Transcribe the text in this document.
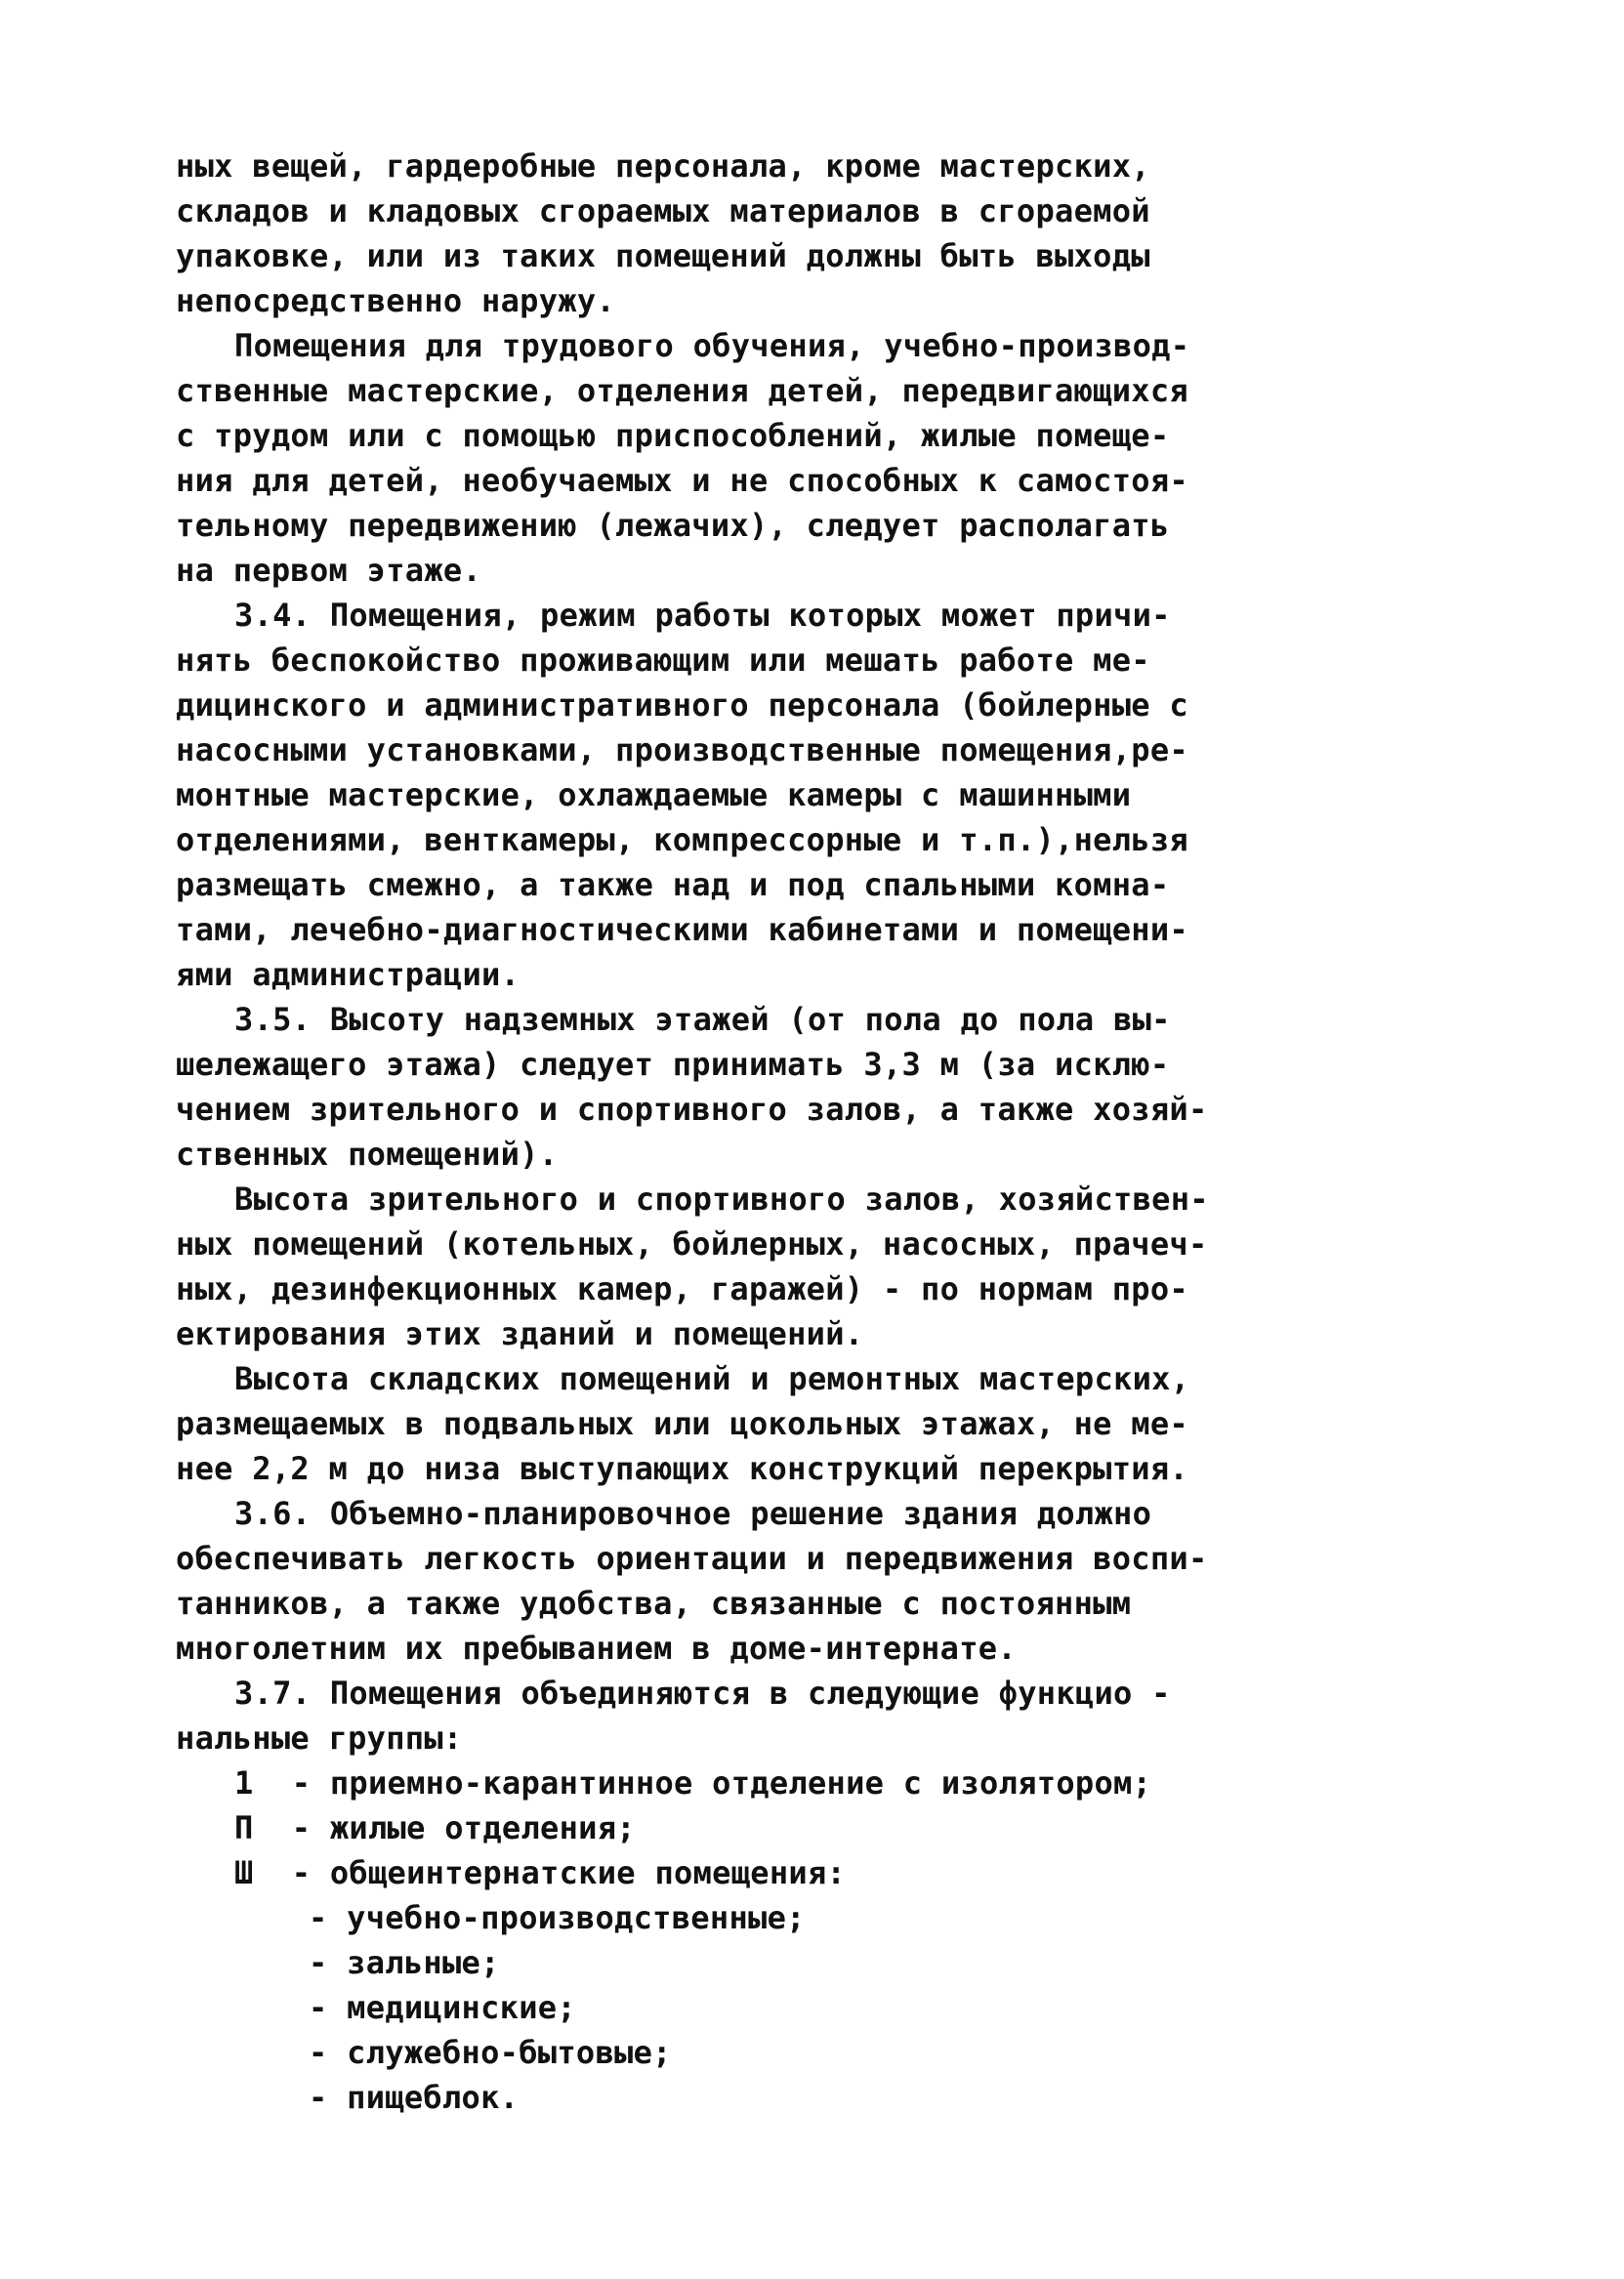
ных вещей, гардеробные персонала, кроме мастерских,
складов и кладовых сгораемых материалов в сгораемой
упаковке, или из таких помещений должны быть выходы
непосредственно наружу.
Помещения для трудового обучения, учебно-производ-
ственные мастерские, отделения детей, передвигающихся
с трудом или с помощью приспособлений, жилые помеще-
ния для детей, необучаемых и не способных к самостоя-
тельному передвижению (лежачих), следует располагать
на первом этаже.
3.4. Помещения, режим работы которых может причи-
нять беспокойство проживающим или мешать работе ме-
дицинского и административного персонала (бойлерные с
насосными установками, производственные помещения,ре-
монтные мастерские, охлаждаемые камеры с машинными
отделениями, венткамеры, компрессорные и т.п.),нельзя
размещать смежно, а также над и под спальными комна-
тами, лечебно-диагностическими кабинетами и помещени-
ями администрации.
3.5. Высоту надземных этажей (от пола до пола вы-
шележащего этажа) следует принимать 3,3 м (за исклю-
чением зрительного и спортивного залов, а также хозяй-
ственных помещений).
Высота зрительного и спортивного залов, хозяйствен-
ных помещений (котельных, бойлерных, насосных, прачеч-
ных, дезинфекционных камер, гаражей) - по нормам про-
ектирования этих зданий и помещений.
Высота складских помещений и ремонтных мастерских,
размещаемых в подвальных или цокольных этажах, не ме-
нее 2,2 м до низа выступающих конструкций перекрытия.
3.6. Объемно-планировочное решение здания должно
обеспечивать легкость ориентации и передвижения воспи-
танников, а также удобства, связанные с постоянным
многолетним их пребыванием в доме-интернате.
3.7. Помещения объединяются в следующие функцио -
нальные группы:
1  - приемно-карантинное отделение с изолятором;
П  - жилые отделения;
Ш  - общеинтернатские помещения:
- учебно-производственные;
- зальные;
- медицинские;
- служебно-бытовые;
- пищеблок.
